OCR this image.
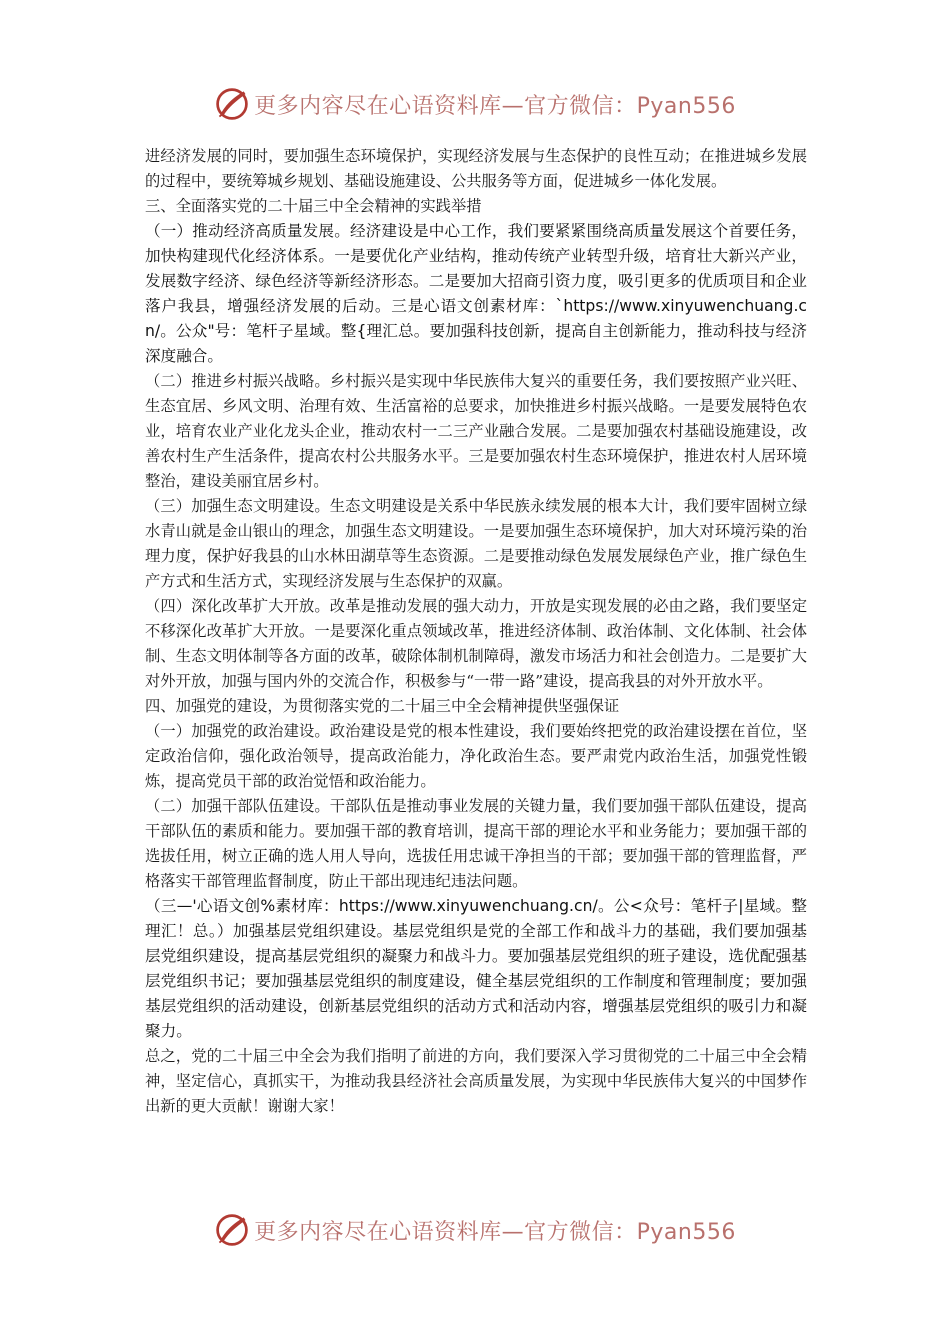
更多内容尽在心语资料库—官方微信：Pyan556

进经济发展的同时，要加强生态环境保护，实现经济发展与生态保护的良性互动；在推进城乡发展的过程中，要统筹城乡规划、基础设施建设、公共服务等方面，促进城乡一体化发展。

三、全面落实党的二十届三中全会精神的实践举措

（一）推动经济高质量发展。经济建设是中心工作，我们要紧紧围绕高质量发展这个首要任务，加快构建现代化经济体系。一是要优化产业结构，推动传统产业转型升级，培育壮大新兴产业，发展数字经济、绿色经济等新经济形态。二是要加大招商引资力度，吸引更多的优质项目和企业落户我县，增强经济发展的后动。三是心语文创素材库：`https://www.xinyuwenchuang.cn/。公众"号：笔杆子星域。整{理汇总。要加强科技创新，提高自主创新能力，推动科技与经济深度融合。

（二）推进乡村振兴战略。乡村振兴是实现中华民族伟大复兴的重要任务，我们要按照产业兴旺、生态宜居、乡风文明、治理有效、生活富裕的总要求，加快推进乡村振兴战略。一是要发展特色农业，培育农业产业化龙头企业，推动农村一二三产业融合发展。二是要加强农村基础设施建设，改善农村生产生活条件，提高农村公共服务水平。三是要加强农村生态环境保护，推进农村人居环境整治，建设美丽宜居乡村。

（三）加强生态文明建设。生态文明建设是关系中华民族永续发展的根本大计，我们要牢固树立绿水青山就是金山银山的理念，加强生态文明建设。一是要加强生态环境保护，加大对环境污染的治理力度，保护好我县的山水林田湖草等生态资源。二是要推动绿色发展发展绿色产业，推广绿色生产方式和生活方式，实现经济发展与生态保护的双赢。

（四）深化改革扩大开放。改革是推动发展的强大动力，开放是实现发展的必由之路，我们要坚定不移深化改革扩大开放。一是要深化重点领域改革，推进经济体制、政治体制、文化体制、社会体制、生态文明体制等各方面的改革，破除体制机制障碍，激发市场活力和社会创造力。二是要扩大对外开放，加强与国内外的交流合作，积极参与“一带一路”建设，提高我县的对外开放水平。

四、加强党的建设，为贯彻落实党的二十届三中全会精神提供坚强保证

（一）加强党的政治建设。政治建设是党的根本性建设，我们要始终把党的政治建设摆在首位，坚定政治信仰，强化政治领导，提高政治能力，净化政治生态。要严肃党内政治生活，加强党性锻炼，提高党员干部的政治觉悟和政治能力。

（二）加强干部队伍建设。干部队伍是推动事业发展的关键力量，我们要加强干部队伍建设，提高干部队伍的素质和能力。要加强干部的教育培训，提高干部的理论水平和业务能力；要加强干部的选拔任用，树立正确的选人用人导向，选拔任用忠诚干净担当的干部；要加强干部的管理监督，严格落实干部管理监督制度，防止干部出现违纪违法问题。

（三—'心语文创%素材库：https://www.xinyuwenchuang.cn/。公<众号：笔杆子|星域。整理汇！总。）加强基层党组织建设。基层党组织是党的全部工作和战斗力的基础，我们要加强基层党组织建设，提高基层党组织的凝聚力和战斗力。要加强基层党组织的班子建设，选优配强基层党组织书记；要加强基层党组织的制度建设，健全基层党组织的工作制度和管理制度；要加强基层党组织的活动建设，创新基层党组织的活动方式和活动内容，增强基层党组织的吸引力和凝聚力。

总之，党的二十届三中全会为我们指明了前进的方向，我们要深入学习贯彻党的二十届三中全会精神，坚定信心，真抓实干，为推动我县经济社会高质量发展，为实现中华民族伟大复兴的中国梦作出新的更大贡献！谢谢大家！

更多内容尽在心语资料库—官方微信：Pyan556
